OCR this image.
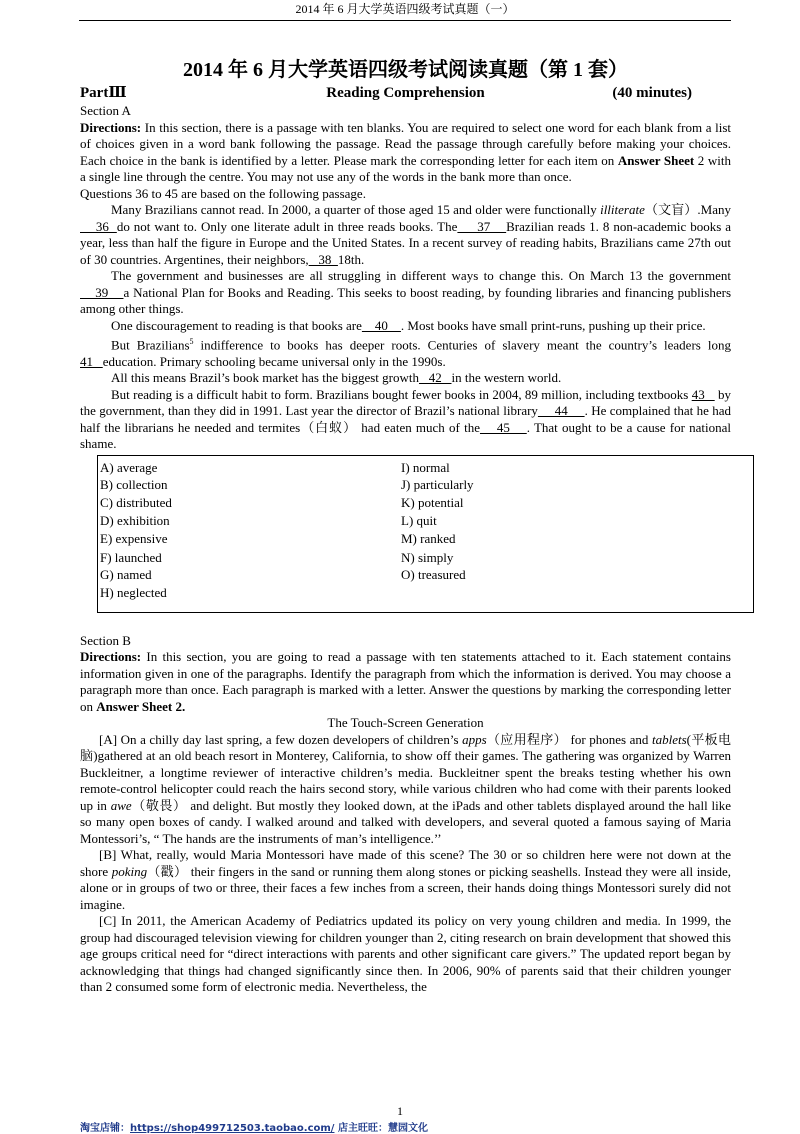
2014 年 6 月大学英语四级考试真题（一）
2014 年 6 月大学英语四级考试阅读真题（第 1 套）
PartⅢ	Reading Comprehension	(40 minutes)

Section A

Directions: In this section, there is a passage with ten blanks. You are required to select one word for each blank from a list of choices given in a word bank following the passage. Read the passage through carefully before making your choices. Each choice in the bank is identified by a letter. Please mark the corresponding letter for each item on Answer Sheet 2 with a single line through the centre. You may not use any of the words in the bank more than once.

Questions 36 to 45 are based on the following passage.

Many Brazilians cannot read. In 2000, a quarter of those aged 15 and older were functionally illiterate（文盲）.Many    36  do not want to. Only one literate adult in three reads books. The     37    Brazilian reads 1. 8 non-academic books a year, less than half the figure in Europe and the United States. In a recent survey of reading habits, Brazilians came 27th out of 30 countries. Argentines, their neighbors,   38  18th.

The government and businesses are all struggling in different ways to change this. On March 13 the government    39    a National Plan for Books and Reading. This seeks to boost reading, by founding libraries and financing publishers among other things.

One discouragement to reading is that books are    40    . Most books have small print-runs, pushing up their price.

But Brazilians$^5$ indifference to books has deeper roots. Centuries of slavery meant the country’s leaders long 41   education. Primary schooling became universal only in the 1990s.

All this means Brazil’s book market has the biggest growth   42   in the western world.

But reading is a difficult habit to form. Brazilians bought fewer books in 2004, 89 million, including textbooks 43    by the government, than they did in 1991. Last year the director of Brazil’s national library     44     . He complained that he had half the librarians he needed and termites（白蚁） had eaten much of the    45    . That ought to be a cause for national shame.

A) average
B) collection
C) distributed
D) exhibition
E) expensive
F) launched
G) named
H) neglected
I) normal
J) particularly
K) potential
L) quit
M) ranked
N) simply
O) treasured

Section B

Directions: In this section, you are going to read a passage with ten statements attached to it. Each statement contains information given in one of the paragraphs. Identify the paragraph from which the information is derived. You may choose a paragraph more than once. Each paragraph is marked with a letter. Answer the questions by marking the corresponding letter on Answer Sheet 2.

The Touch-Screen Generation

[A] On a chilly day last spring, a few dozen developers of children’s apps（应用程序） for phones and tablets(平板电脑)gathered at an old beach resort in Monterey, California, to show off their games. The gathering was organized by Warren Buckleitner, a longtime reviewer of interactive children’s media. Buckleitner spent the breaks testing whether his own remote-control helicopter could reach the hairs second story, while various children who had come with their parents looked up in awe（敬畏） and delight. But mostly they looked down, at the iPads and other tablets displayed around the hall like so many open boxes of candy. I walked around and talked with developers, and several quoted a famous saying of Maria Montessori’s, “ The hands are the instruments of man’s intelligence.’’

[B] What, really, would Maria Montessori have made of this scene? The 30 or so children here were not down at the shore poking（戳） their fingers in the sand or running them along stones or picking seashells. Instead they were all inside, alone or in groups of two or three, their faces a few inches from a screen, their hands doing things Montessori surely did not imagine.

[C] In 2011, the American Academy of Pediatrics updated its policy on very young children and media. In 1999, the group had discouraged television viewing for children younger than 2, citing research on brain development that showed this age groups critical need for “direct interactions with parents and other significant care givers.” The updated report began by acknowledging that things had changed significantly since then. In 2006, 90% of parents said that their children younger than 2 consumed some form of electronic media. Nevertheless, the

1
淘宝店铺：https://shop499712503.taobao.com/ 店主旺旺：慧园文化
